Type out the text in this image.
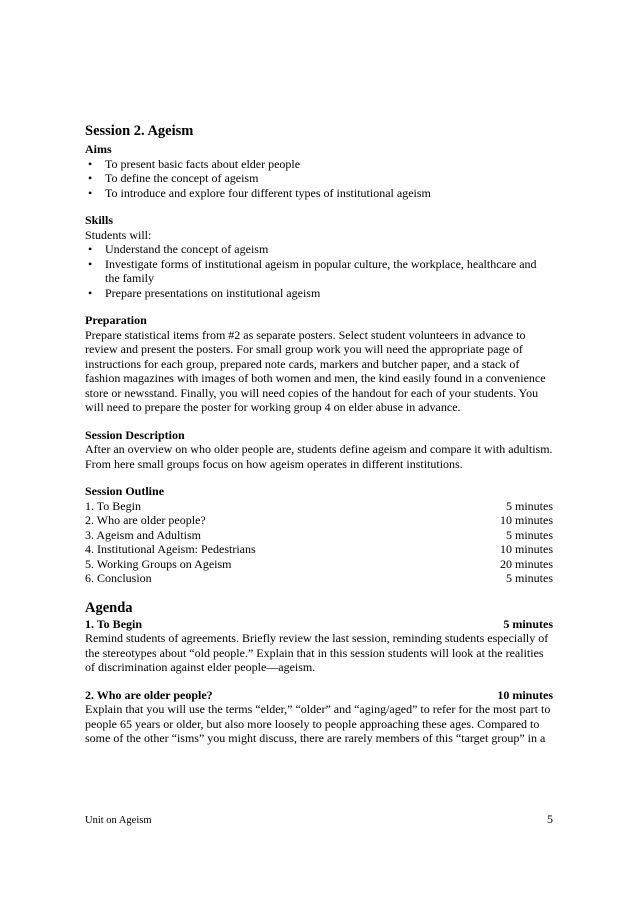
Session 2. Ageism
Aims
• To present basic facts about elder people
• To define the concept of ageism
• To introduce and explore four different types of institutional ageism
Skills
Students will:
• Understand the concept of ageism
• Investigate forms of institutional ageism in popular culture, the workplace, healthcare and the family
• Prepare presentations on institutional ageism
Preparation
Prepare statistical items from #2 as separate posters. Select student volunteers in advance to review and present the posters. For small group work you will need the appropriate page of instructions for each group, prepared note cards, markers and butcher paper, and a stack of fashion magazines with images of both women and men, the kind easily found in a convenience store or newsstand. Finally, you will need copies of the handout for each of your students. You will need to prepare the poster for working group 4 on elder abuse in advance.
Session Description
After an overview on who older people are, students define ageism and compare it with adultism. From here small groups focus on how ageism operates in different institutions.
Session Outline
1. To Begin	5 minutes
2. Who are older people?	10 minutes
3. Ageism and Adultism	5 minutes
4. Institutional Ageism: Pedestrians	10 minutes
5. Working Groups on Ageism	20 minutes
6. Conclusion	5 minutes
Agenda
1. To Begin	5 minutes
Remind students of agreements. Briefly review the last session, reminding students especially of the stereotypes about “old people.” Explain that in this session students will look at the realities of discrimination against elder people—ageism.
2. Who are older people?	10 minutes
Explain that you will use the terms “elder,” “older” and “aging/aged” to refer for the most part to people 65 years or older, but also more loosely to people approaching these ages. Compared to some of the other “isms” you might discuss, there are rarely members of this “target group” in a
Unit on Ageism	5
